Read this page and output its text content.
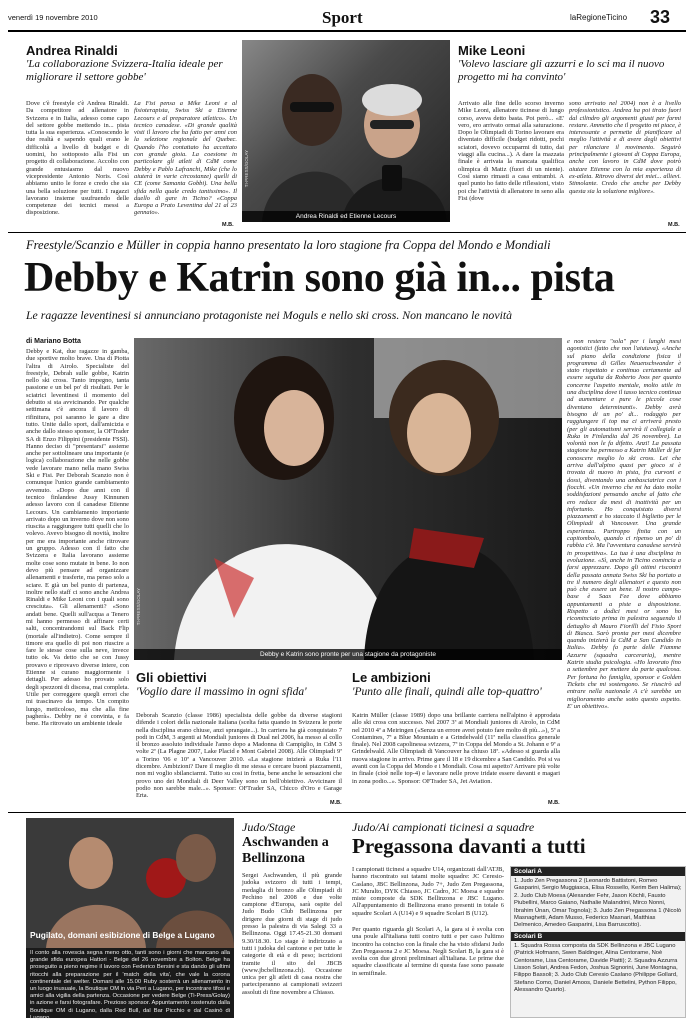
venerdì 19 novembre 2010	Sport	laRegioneTicino 33
Andrea Rinaldi
'La collaborazione Svizzera-Italia ideale per migliorare il settore gobbe'
Dove c'è freestyle c'è Andrea Rinaldi. Da competitore ad allenatore in Svizzera e in Italia, adesso come capo del settore gobbe mettendo in... pista tutta la sua esperienza. «Conoscendo le due realtà e sapendo quali erano le difficoltà a livello di budget e di uomini, ho sottoposto alla Fisi un progetto di collaborazione. Accolto con grande entusiasmo dal nuovo vicepresidente Antonio Noris. Così abbiamo unito le forze e credo che sia una bella soluzione per tutti. I ragazzi lavorano insieme usufruendo delle competenze dei tecnici messi a disposizione.
La Fisi pensa a Mike Leoni e al fisioterapista, Swiss Ski a Etienne Lecours e al preparatore atletico». Un tecnico canadese. «Di grande qualità visti il lavoro che ha fatto per anni con la selezione regionale del Quebec. Quando l'ho contattato ha accettato con grande gioia. La coesione in particolare gli atleti di CdM come Debby e Pablo Lafranchi, Mike (che lo aiuterà in varie circostanze) quelli di CE (come Samanta Gobbi). Una bella sfida nella quale credo tantissimo». Il duello di gare in Ticino? «Coppa Europa a Prato Leventina dal 21 al 23 gennaio».
M.B.
TI-PRESS/GOLAY
Andrea Rinaldi ed Etienne Lecours
Mike Leoni
'Volevo lasciare gli azzurri e lo sci ma il nuovo progetto mi ha convinto'
Arrivato alle fine dello scorso inverno Mike Leoni, allenatore ticinese di lungo corso, aveva detto basta. Poi però... «E' vero, ero arrivato ormai alla saturazione. Dopo le Olimpiadi di Torino lavorare era diventato difficile (budget ridotti, pochi sciatori, dovevo occuparmi di tutto, dai viaggi alla cucina...). A dare la mazzata finale è arrivata la mancata qualifica olimpica di Matiz (fuori di un niente). Così siamo rimasti a casa entrambi. A quel punto ho fatto delle riflessioni, visto poi che l'attività di allenatore in seno alla Fisi (dove
sono arrivato nel 2004) non è a livello professionistico. Andrea ha poi tirato fuori dal cilindro gli argomenti giusti per farmi restare. Ammetto che il progetto mi piace, è interessante e permette di pianificare al meglio l'attività e di avere degli obiettivi per rilanciare il movimento. Seguirò principalmente i giovani di Coppa Europa, anche con lavoro in CdM dove potrò aiutare Etienne con la mia esperienza di ex-atleta. Ritrovo diversi dei miei... allievi. Stimolante. Credo che anche per Debby questa sia la soluzione migliore».
M.B.
Freestyle/Scanzio e Müller in coppia hanno presentato la loro stagione fra Coppa del Mondo e Mondiali
Debby e Katrin sono già in... pista
Le ragazze leventinesi si annunciano protagoniste nei Moguls e nello ski cross. Non mancano le novità
di Mariano Botta
Debby e Kat, due ragazze in gamba, due sportive molto brave. Una di Piotta l'altra di Airolo. Specialiste del freestyle, Debrah sulle gobbe, Katrin nello ski cross. Tanto impegno, tanta passione e un bel po' di risultati. Per le sciatrici leventinesi il momento del debutto si sta avvicinando. Per qualche settimana c'è ancora il lavoro di rifinitura, poi saranno le gare a dire tutto. Unite dallo sport, dall'amicizia e anche dallo stesso sponsor, la OFTrader SA di Enzo Filippini (presidente FSSI). Hanno deciso di "presentarsi" assieme anche per sottolineare una importante (e logica) collaborazione che nelle gobbe vede lavorare mano nella mano Swiss Ski e Fisi. Per Deborah Scanzio non è comunque l'unico grande cambiamento avvenuto. «Dopo due anni con il tecnico finlandese Jussy Kinnunen adesso lavoro con il canadese Etienne Lecours. Un cambiamento importante arrivato dopo un inverno dove non sono riuscita a raggiungere tutti quelli che lo volevo. Avevo bisogno di novità, inoltre per me era importante anche ritrovare un gruppo. Adesso con il fatto che Svizzera e Italia lavorano assieme molte cose sono mutate in bene. Io non devo più pensare ad organizzare allenamenti e trasferte, ma penso solo a sciare. E già un bel punto di partenza, inoltre nello staff ci sono anche Andrea Rinaldi e Mike Leoni con i quali sono cresciuta». Gli allenamenti? «Sono andati bene. Quelli sull'acqua a Tenero mi hanno permesso di affinare certi salti, concentrandomi sul Back Flip (mortale all'indietro). Come sempre il timore era quello di poi non riuscire a fare le stesse cose sulla neve, invece tutto ok. Va detto che se con Jussy provavo e riprovavo diverse intere, con Etienne si curano maggiormente i dettagli. Per adesso ho provato solo degli spezzoni di discesa, mai completa. Utile per correggere quegli errori che mi trascinavo da tempo. Un compito lungo, meticoloso, ma che alla fine pagherà». Debby ne è convinta, e fa bene. Ha ritrovato un ambiente ideale
TI-PRESS/GOLAY
Debby e Katrin sono pronte per una stagione da protagoniste
e non restera "sola" per i lunghi mesi agonistici (fatto che non l'aiutava). «Anche sul piano della condizione fisica il programma di Gilles Neuenschwander è stato rispettato e continuo certamente ad essere seguita da Roberto Joos per quanto concerne l'aspetto mentale, molto utile in una disciplina dove il tasso tecnico continua ad aumentare e pure le piccole cose diventano determinanti». Debby avrà bisogno di un po' di... rodaggio per raggiungere il top ma ci arriverà presto (per gli automatismi servirà il collegiale a Ruka in Finlandia dal 26 novembre). La volontà non le fa difetto. Anzi! La passata stagione ha permesso a Katrin Müller di far conoscere meglio lo ski cross. Lei che arriva dall'alpino quasi per gioco si è trovata di nuovo in pista, fra curvoni e dossi, diventando una ambasciatrice con i fiocchi. «Un inverno che mi ha dato molte soddisfazioni pensando anche al fatto che ero reduce da mesi di inattività per un infortunio. Ho conquistato diversi piazzamenti e ho staccato il biglietto per le Olimpiadi di Vancouver. Una grande esperienza. Purtroppo finita con un capitombolo, quando ci ripenso un po' di rabbia c'è. Ma l'avventura canadese servirà in prospettiva». La tua è una disciplina in evoluzione. «Sì, anche in Ticino comincia a farsi apprezzare. Dopo gli ottimi riscontri della passata annata Swiss Ski ha portato a tre il numero degli allenatori e questo non può che essere un bene. Il nostro campo-base è Saas Fee dove abbiamo appuntamenti a piste a disposizione. Rispetto a dodici mesi or sono ho ricominciato prima in palestra seguendo il dettaglio di Mauro Fiorilli del Fisio Sport di Biasca. Sarò pronta per mesi dicembre quando inizierà la CdM a San Candido in Italia». Debby fa parte delle Fiamme Azzurre (squadra carceraria), mentre Katrin studia psicologia. «Ho lavorato fino a settembre per mettere da parte qualcosa. Per fortuna ho famiglia, sponsor e Golden Tickets che mi sostengono. Se riuscirò ad entrare nella nazionale A c'è sarebbe un miglioramento anche sotto questo aspetto. E' un obiettivo».
Gli obiettivi
'Voglio dare il massimo in ogni sfida'
Deborah Scanzio (classe 1986) specialista delle gobbe da diverse stagioni difende i colori della nazionale italiana (scelta fatta quando in Svizzera le porte nella disciplina erano chiuse, anzi sprangate...). In carriera ha già conquistato 7 podi in CdM, 3 argenti ai Mondiali juniores di Dual nel 2006, ha messo al collo il bronzo assoluto individuale l'anno dopo a Madonna di Campiglio, in CdM 3 volte 2ª (La Plagne 2007, Lake Placid e Mont Gabriel 2008). Alle Olimpiadi 9ª a Torino '06 e 10ª a Vancouver 2010. «La stagione inizierà a Ruka l'11 dicembre. Ambizioni? Dare il meglio di me stessa e cercare buoni piazzamenti, non mi voglio sbilanciarmi. Tutto su cosi in fretta, bene anche le sensazioni che provo uno dei Mondiali di Deer Valley sono un bell'obiettivo. Avvicinare il podio non sarebbe male...». Sponsor: OFTrader SA, Chicco d'Oro e Garage Erta.
M.B.
Le ambizioni
'Punto alle finali, quindi alle top-quattro'
Katrin Müller (classe 1989) dopo una brillante carriera nell'alpino è approdata allo ski cross con successo. Nel 2007 3ª ai Mondiali juniores di Airolo, in CdM nel 2010 4ª a Meiringen («Senza un errore avrei potuto fare molto di più...»), 5ª a Contamines, 7ª a Blue Mountain e a Grindelwald (11ª nella classifica generale finale). Nel 2008 capolinessa svizzera, 7ª in Coppa del Mondo a St. Johann e 9ª a Grindelwald. Alle Olimpiadi di Vancouver ha chiuso 18ª. «Adesso si guarda alla nuova stagione in arrivo. Prime gare il 18 e 19 dicembre a San Candido. Poi si va avanti con la Coppa del Mondo e i Mondiali. Cosa mi aspetto? Arrivare più volte in finale (cioè nelle top-4) e lavorare nelle prove iridate essere davanti e magari in zona podio...». Sponsor: OFTrader SA, Jet Aviation.
M.B.
Pugilato, domani esibizione di Belge a Lugano
Il conto alla rovescia segna meno otto, tanti sono i giorni che mancano alla grande sfida europea Hattori - Belge del 26 novembre a Bolton. Belge ha proseguito a pieno regime il lavoro con Federico Bersini e sta dando gli ultimi ritocchi alla preparazione per il 'match della vita', che vale la corona continentale dei welter. Domani alle 15.00 Ruby sosterrà un allenamento in un luogo inusuale, la Boutique OM in via Peri a Lugano, per incontrare tifosi e amici alla vigilia della partenza. Occasione per vedere Belge (Ti-Press/Golay) in azione e farsi fotografare. Prezioso sponsor. Appuntamento sostenuto dalla Boutique OM di Lugano, dalla Red Bull, dal Bar Picchio e dal Casinò di Lugano.
Judo/Stage
Aschwanden a Bellinzona
Sergei Aschwanden, il più grande judoka svizzero di tutti i tempi, medaglia di bronzo alle Olimpiadi di Pechino nel 2008 e due volte campione d'Europa, sarà ospite del Judo Budo Club Bellinzona per dirigere due giorni di stage di judo presso la palestra di via Salegi 33 a Bellinzona. Oggi 17.45-21.30 domani 9.30/18.30. Lo stage è indirizzato a tutti i judoka del cantone e per tutte le categorie di età e di peso; iscrizioni tramite il sito del JBCB (www.jbcbellinzona.ch). Occasione unica per gli atleti di casa nostra che parteciperanno ai campionati svizzeri assoluti di fine novembre a Chiasso.
Judo/Ai campionati ticinesi a squadre
Pregassona davanti a tutti
I campionati ticinesi a squadre U14, organizzati dall'ATJB, hanno riscontrato sui tatami molte squadre: JC Ceresio-Caslano, JBC Bellinzona, Judo 7+, Judo Zen Pregassona, JC Muralto, DYK Chiasso, JC Cadro, JC Moesa e squadre miste composte da SDK Bellinzona e JBC Lugano. All'appuntamento di Bellinzona erano presenti in totale 6 squadre Scolari A (U14) e 9 squadre Scolari B (U12).
Per quanto riguarda gli Scolari A, la gara si è svolta con una poule all'italiana tutti contro tutti e per caso l'ultimo incontro ha coinciso con la finale che ha visto sfidarsi Judo Zen Pregassona 2 e JC Moesa. Negli Scolari B, la gara si è svolta con due gironi preliminari all'italiana. Le prime due squadre classificate al termine di questa fase sono passate in semifinale.
Scolari A
1. Judo Zen Pregassona 2 (Leonardo Battistoni, Romeo Gasparini, Sergio Muggiasca, Elisa Rossello, Kerim Ben Halima); 2. Judo Club Moesa (Alexander Fehr, Jason Köchli, Fausto Piubellini, Marco Gaiano, Nathalie Malandrini, Mirco Nonni, Ibrahim Ünan, Omar Tognola); 3. Judo Zen Pregassona 1 (Nicolò Masnaghetti, Adam Musso, Federico Masnari, Matthias Delmenico, Amedeo Gasparini, Lisa Barruscotto).
Scolari B
1. Squadra Rossa composta da SDK Bellinzona e JBC Lugano (Patrick Hofmann, Swen Baldinger, Alina Centorame, Noè Centorame, Lisa Centorame, Davide Piatti); 2. Squadra Azzurra Lisson Solari, Andrea Fedon, Joshua Signorini, June Montagna, Filippo Bassoli; 3. Judo Club Ceresio Caslano (Philippe Gollard, Stefano Como, Daniel Amoos, Daniele Bettelini, Python Filippo, Alessandro Quarto).
